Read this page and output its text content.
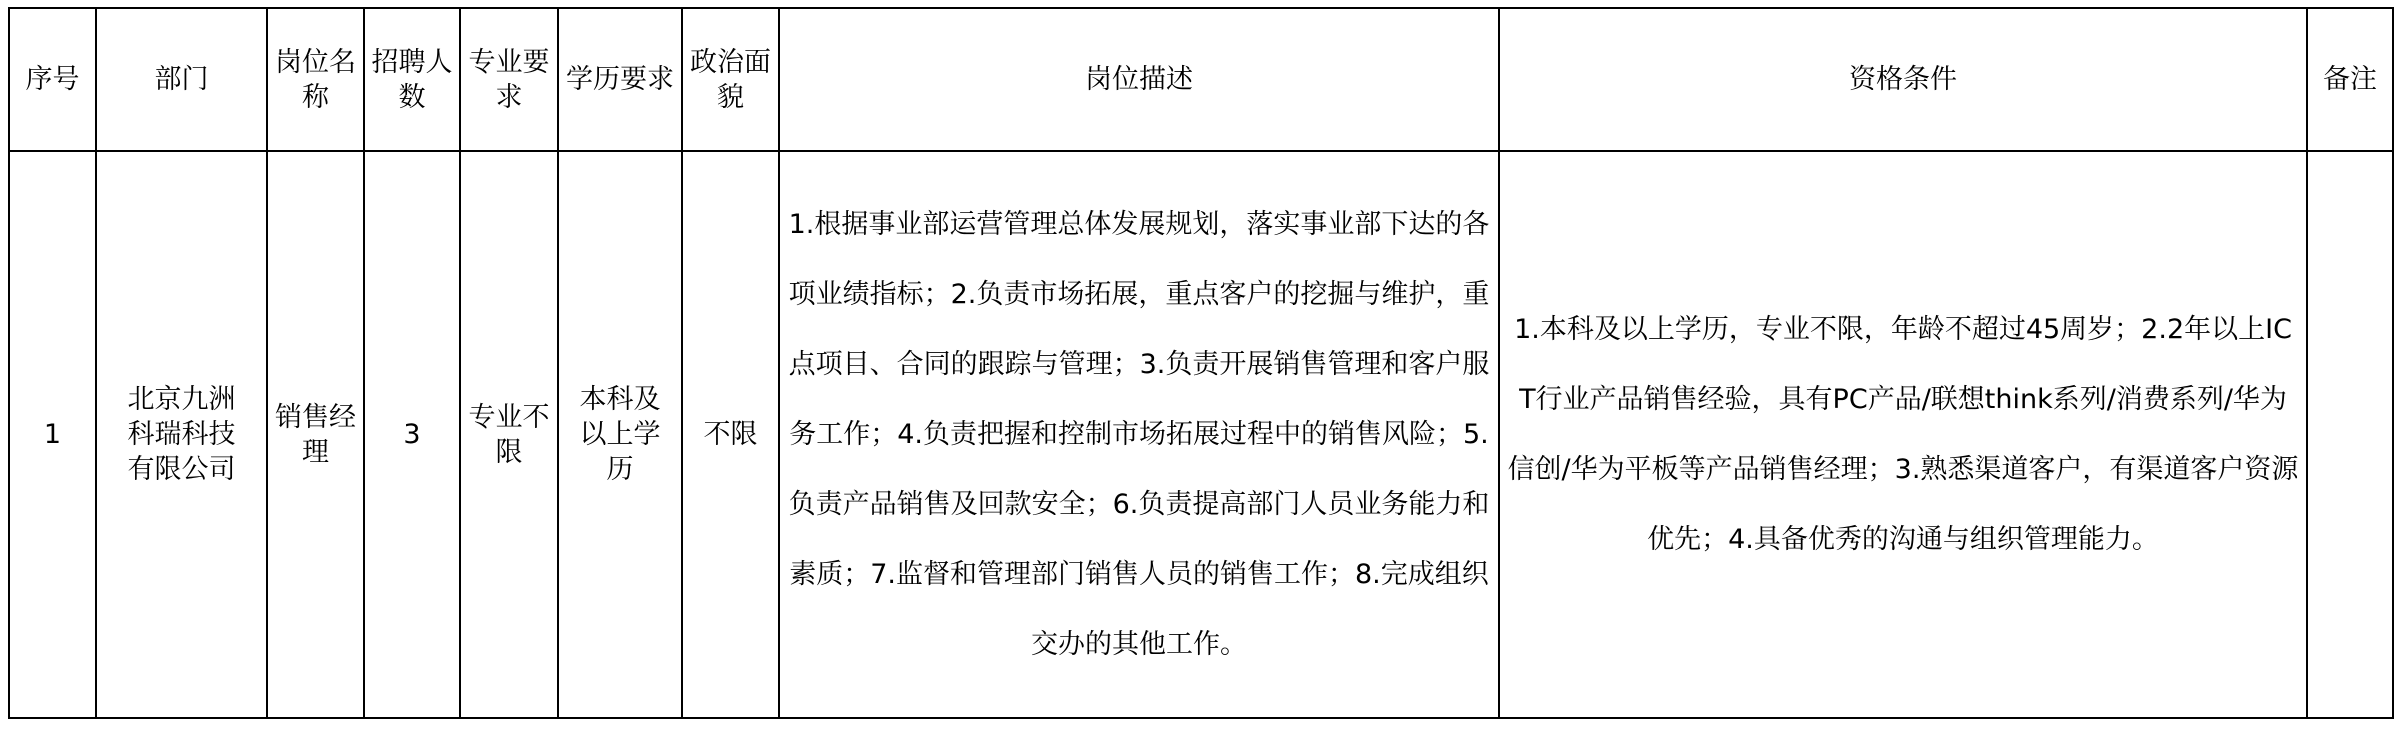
序号	部门	岗位名称	招聘人数	专业要求	学历要求	政治面貌	岗位描述	资格条件	备注
1	北京九洲科瑞科技有限公司	销售经理	3	专业不限	本科及以上学历	不限	1.根据事业部运营管理总体发展规划，落实事业部下达的各项业绩指标；2.负责市场拓展，重点客户的挖掘与维护，重点项目、合同的跟踪与管理；3.负责开展销售管理和客户服务工作；4.负责把握和控制市场拓展过程中的销售风险；5.负责产品销售及回款安全；6.负责提高部门人员业务能力和素质；7.监督和管理部门销售人员的销售工作；8.完成组织交办的其他工作。	1.本科及以上学历，专业不限，年龄不超过45周岁；2.2年以上ICT行业产品销售经验，具有PC产品/联想think系列/消费系列/华为信创/华为平板等产品销售经理；3.熟悉渠道客户，有渠道客户资源优先；4.具备优秀的沟通与组织管理能力。	
